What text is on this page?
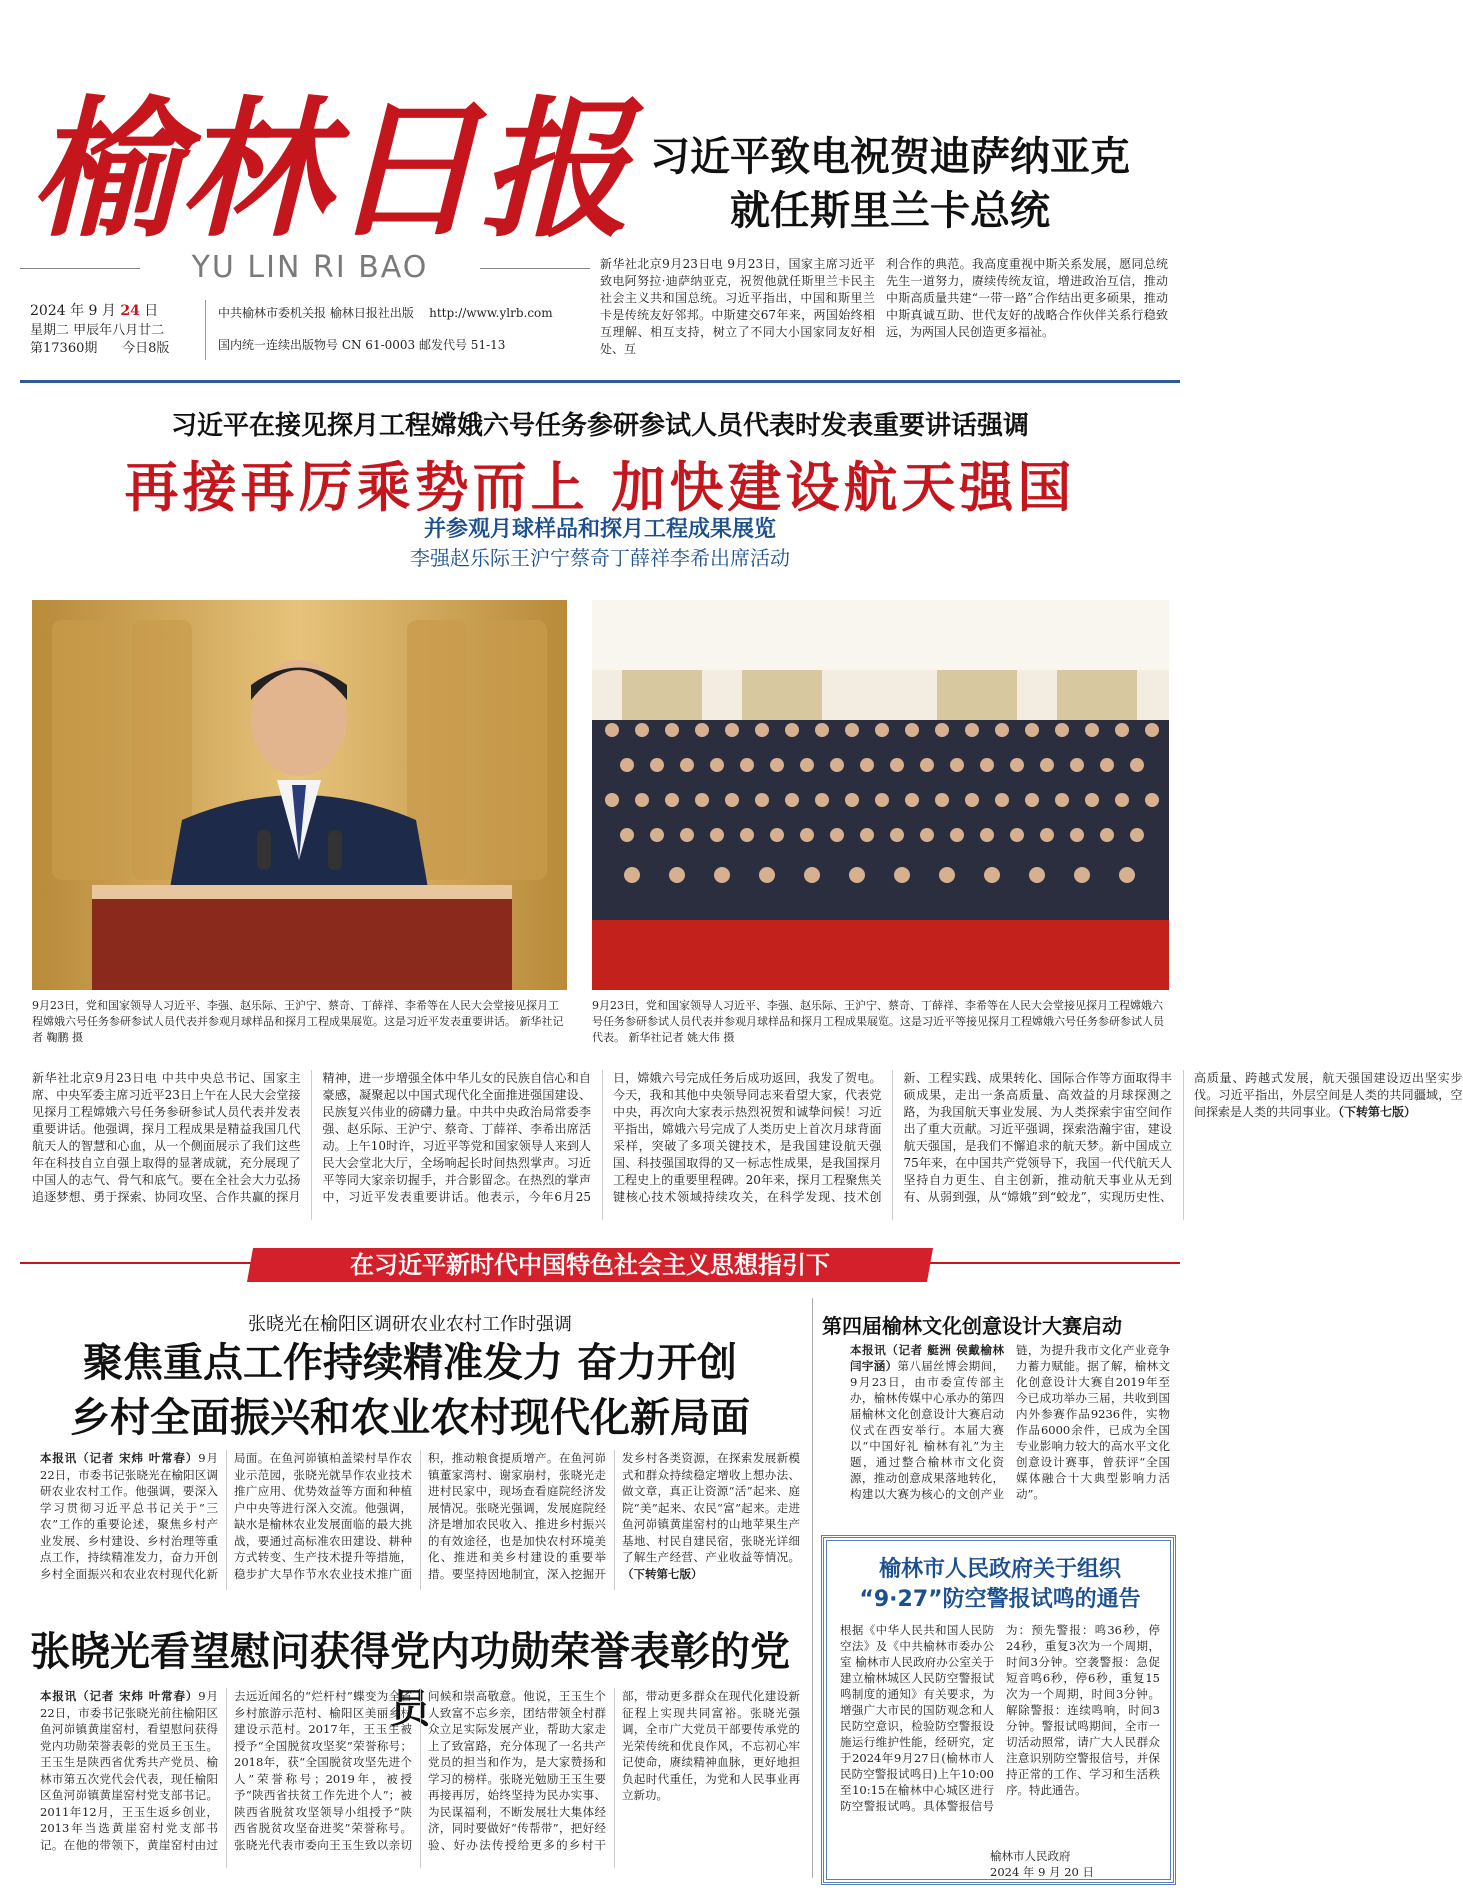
榆林日报
YU LIN RI BAO
习近平致电祝贺迪萨纳亚克
就任斯里兰卡总统
2024 年 9 月 24 日
星期二 甲辰年八月廿二
第17360期 今日8版
中共榆林市委机关报 榆林日报社出版 http://www.ylrb.com
国内统一连续出版物号 CN 61-0003 邮发代号 51-13
新华社北京9月23日电 9月23日，国家主席习近平致电阿努拉·迪萨纳亚克，祝贺他就任斯里兰卡民主社会主义共和国总统。习近平指出，中国和斯里兰卡是传统友好邻邦。中斯建交67年来，两国始终相互理解、相互支持，树立了不同大小国家同友好相处、互
利合作的典范。我高度重视中斯关系发展，愿同总统先生一道努力，赓续传统友谊，增进政治互信，推动中斯高质量共建“一带一路”合作结出更多硕果，推动中斯真诚互助、世代友好的战略合作伙伴关系行稳致远，为两国人民创造更多福祉。
习近平在接见探月工程嫦娥六号任务参研参试人员代表时发表重要讲话强调
再接再厉乘势而上 加快建设航天强国
并参观月球样品和探月工程成果展览
李强赵乐际王沪宁蔡奇丁薛祥李希出席活动
9月23日，党和国家领导人习近平、李强、赵乐际、王沪宁、蔡奇、丁薛祥、李希等在人民大会堂接见探月工程嫦娥六号任务参研参试人员代表并参观月球样品和探月工程成果展览。这是习近平发表重要讲话。 新华社记者 鞠鹏 摄
9月23日，党和国家领导人习近平、李强、赵乐际、王沪宁、蔡奇、丁薛祥、李希等在人民大会堂接见探月工程嫦娥六号任务参研参试人员代表并参观月球样品和探月工程成果展览。这是习近平等接见探月工程嫦娥六号任务参研参试人员代表。 新华社记者 姚大伟 摄
新华社北京9月23日电 中共中央总书记、国家主席、中央军委主席习近平23日上午在人民大会堂接见探月工程嫦娥六号任务参研参试人员代表并发表重要讲话。他强调，探月工程成果是精益我国几代航天人的智慧和心血，从一个侧面展示了我们这些年在科技自立自强上取得的显著成就，充分展现了中国人的志气、骨气和底气。要在全社会大力弘扬追逐梦想、勇于探索、协同攻坚、合作共赢的探月精神，进一步增强全体中华儿女的民族自信心和自豪感，凝聚起以中国式现代化全面推进强国建设、民族复兴伟业的磅礴力量。中共中央政治局常委李强、赵乐际、王沪宁、蔡奇、丁薛祥、李希出席活动。上午10时许，习近平等党和国家领导人来到人民大会堂北大厅，全场响起长时间热烈掌声。习近平等同大家亲切握手，并合影留念。在热烈的掌声中，习近平发表重要讲话。他表示，今年6月25日，嫦娥六号完成任务后成功返回，我发了贺电。今天，我和其他中央领导同志来看望大家，代表党中央，再次向大家表示热烈祝贺和诚挚问候！习近平指出，嫦娥六号完成了人类历史上首次月球背面采样，突破了多项关键技术，是我国建设航天强国、科技强国取得的又一标志性成果，是我国探月工程史上的重要里程碑。20年来，探月工程聚焦关键核心技术领域持续攻关，在科学发现、技术创新、工程实践、成果转化、国际合作等方面取得丰硕成果，走出一条高质量、高效益的月球探测之路，为我国航天事业发展、为人类探索宇宙空间作出了重大贡献。习近平强调，探索浩瀚宇宙，建设航天强国，是我们不懈追求的航天梦。新中国成立75年来，在中国共产党领导下，我国一代代航天人坚持自力更生、自主创新，推动航天事业从无到有、从弱到强，从“嫦娥”到“蛟龙”，实现历史性、高质量、跨越式发展，航天强国建设迈出坚实步伐。习近平指出，外层空间是人类的共同疆域，空间探索是人类的共同事业。（下转第七版）
在习近平新时代中国特色社会主义思想指引下
张晓光在榆阳区调研农业农村工作时强调
聚焦重点工作持续精准发力 奋力开创
乡村全面振兴和农业农村现代化新局面
本报讯（记者 宋炜 叶常春）9月22日，市委书记张晓光在榆阳区调研农业农村工作。他强调，要深入学习贯彻习近平总书记关于“三农”工作的重要论述，聚焦乡村产业发展、乡村建设、乡村治理等重点工作，持续精准发力，奋力开创乡村全面振兴和农业农村现代化新局面。在鱼河峁镇柏盖梁村旱作农业示范园，张晓光就旱作农业技术推广应用、优势效益等方面和种植户中央等进行深入交流。他强调，缺水是榆林农业发展面临的最大挑战，要通过高标准农田建设、耕种方式转变、生产技术提升等措施，稳步扩大旱作节水农业技术推广面积，推动粮食提质增产。在鱼河峁镇董家湾村、谢家崩村，张晓光走进村民家中，现场查看庭院经济发展情况。张晓光强调，发展庭院经济是增加农民收入、推进乡村振兴的有效途径，也是加快农村环境美化、推进和美乡村建设的重要举措。要坚持因地制宜，深入挖掘开发乡村各类资源，在探索发展新模式和群众持续稳定增收上想办法、做文章，真正让资源“活”起来、庭院“美”起来、农民“富”起来。走进鱼河峁镇黄崖窑村的山地苹果生产基地、村民自建民宿，张晓光详细了解生产经营、产业收益等情况。（下转第七版）
张晓光看望慰问获得党内功勋荣誉表彰的党员
本报讯（记者 宋炜 叶常春）9月22日，市委书记张晓光前往榆阳区鱼河峁镇黄崖窑村，看望慰问获得党内功勋荣誉表彰的党员王玉生。王玉生是陕西省优秀共产党员、榆林市第五次党代会代表，现任榆阳区鱼河峁镇黄崖窑村党支部书记。2011年12月，王玉生返乡创业，2013年当选黄崖窑村党支部书记。在他的带领下，黄崖窑村由过去远近闻名的“烂杆村”蝶变为全省乡村旅游示范村、榆阳区美丽乡村建设示范村。2017年，王玉生被授予“全国脱贫攻坚奖”荣誉称号；2018年，获“全国脱贫攻坚先进个人”荣誉称号；2019年，被授予“陕西省扶贫工作先进个人”；被陕西省脱贫攻坚领导小组授予“陕西省脱贫攻坚奋进奖”荣誉称号。张晓光代表市委向王玉生致以亲切问候和崇高敬意。他说，王玉生个人致富不忘乡亲，团结带领全村群众立足实际发展产业，帮助大家走上了致富路，充分体现了一名共产党员的担当和作为，是大家赞扬和学习的榜样。张晓光勉励王玉生要再接再厉，始终坚持为民办实事、为民谋福利，不断发展壮大集体经济，同时要做好“传帮带”，把好经验、好办法传授给更多的乡村干部，带动更多群众在现代化建设新征程上实现共同富裕。张晓光强调，全市广大党员干部要传承党的光荣传统和优良作风，不忘初心牢记使命，赓续精神血脉，更好地担负起时代重任，为党和人民事业再立新功。
第四届榆林文化创意设计大赛启动
本报讯（记者 艇洲 侯戴榆林 闫宇涵）第八届丝博会期间，9月23日，由市委宣传部主办，榆林传媒中心承办的第四届榆林文化创意设计大赛启动仪式在西安举行。本届大赛以“中国好礼 榆林有礼”为主题，通过整合榆林市文化资源，推动创意成果落地转化，构建以大赛为核心的文创产业链，为提升我市文化产业竞争力蓄力赋能。据了解，榆林文化创意设计大赛自2019年至今已成功举办三届，共收到国内外参赛作品9236件，实物作品6000余件，已成为全国专业影响力较大的高水平文化创意设计赛事，曾获评“全国媒体融合十大典型影响力活动”。
榆林市人民政府关于组织
“9·27”防空警报试鸣的通告
根据《中华人民共和国人民防空法》及《中共榆林市委办公室 榆林市人民政府办公室关于建立榆林城区人民防空警报试鸣制度的通知》有关要求，为增强广大市民的国防观念和人民防空意识，检验防空警报设施运行维护性能，经研究，定于2024年9月27日(榆林市人民防空警报试鸣日)上午10:00至10:15在榆林中心城区进行防空警报试鸣。具体警报信号为：预先警报：鸣36秒，停24秒，重复3次为一个周期，时间3分钟。空袭警报：急促短音鸣6秒，停6秒，重复15次为一个周期，时间3分钟。解除警报：连续鸣响，时间3分钟。警报试鸣期间，全市一切活动照常，请广大人民群众注意识别防空警报信号，并保持正常的工作、学习和生活秩序。特此通告。
榆林市人民政府
2024 年 9 月 20 日
